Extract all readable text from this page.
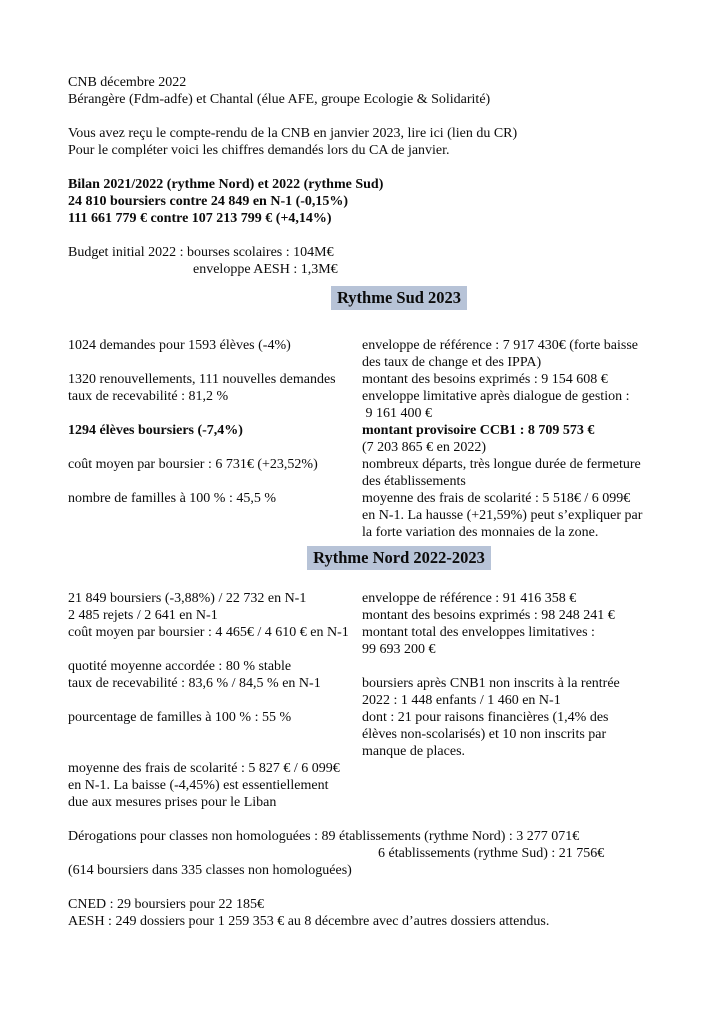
CNB décembre 2022
Bérangère (Fdm-adfe) et Chantal (élue AFE, groupe Ecologie & Solidarité)
Vous avez reçu le compte-rendu de la CNB en janvier 2023, lire ici (lien du CR)
Pour le compléter voici les chiffres demandés lors du CA de janvier.
Bilan 2021/2022 (rythme Nord) et 2022 (rythme Sud)
24 810 boursiers contre 24 849 en N-1 (-0,15%)
111 661 779 € contre 107 213 799 € (+4,14%)
Budget initial 2022 : bourses scolaires : 104M€
enveloppe AESH : 1,3M€
Rythme Sud 2023
1024 demandes pour 1593 élèves (-4%)
1320 renouvellements, 111 nouvelles demandes
taux de recevabilité : 81,2 %
1294 élèves boursiers (-7,4%)
coût moyen par boursier : 6 731€ (+23,52%)
nombre de familles à 100 % : 45,5 %
enveloppe de référence : 7 917 430€ (forte baisse
des taux de change et des IPPA)
montant des besoins exprimés : 9 154 608 €
enveloppe limitative après dialogue de gestion :
9 161 400 €
montant provisoire CCB1 : 8 709 573 €
(7 203 865 € en 2022)
nombreux départs, très longue durée de fermeture
des établissements
moyenne des frais de scolarité : 5 518€ / 6 099€
en N-1. La hausse (+21,59%) peut s’expliquer par
la forte variation des monnaies de la zone.
Rythme Nord 2022-2023
21 849 boursiers (-3,88%) / 22 732 en N-1
2 485 rejets / 2 641 en N-1
coût moyen par boursier : 4 465€ / 4 610 € en N-1
quotité moyenne accordée : 80 % stable
taux de recevabilité : 83,6 % / 84,5 % en N-1
pourcentage de familles à 100 % : 55 %
moyenne des frais de scolarité : 5 827 € / 6 099€
en N-1. La baisse (-4,45%) est essentiellement
due aux mesures prises pour le Liban
enveloppe de référence : 91 416 358 €
montant des besoins exprimés : 98 248 241 €
montant total des enveloppes limitatives :
99 693 200 €
boursiers après CNB1 non inscrits à la rentrée
2022 : 1 448 enfants / 1 460 en N-1
dont : 21 pour raisons financières (1,4% des
élèves non-scolarisés) et 10 non inscrits par
manque de places.
Dérogations pour classes non homologuées : 89 établissements (rythme Nord) : 3 277 071€
6 établissements (rythme Sud) : 21 756€
(614 boursiers dans 335 classes non homologuées)
CNED : 29 boursiers pour 22 185€
AESH : 249 dossiers pour 1 259 353 € au 8 décembre avec d’autres dossiers attendus.
